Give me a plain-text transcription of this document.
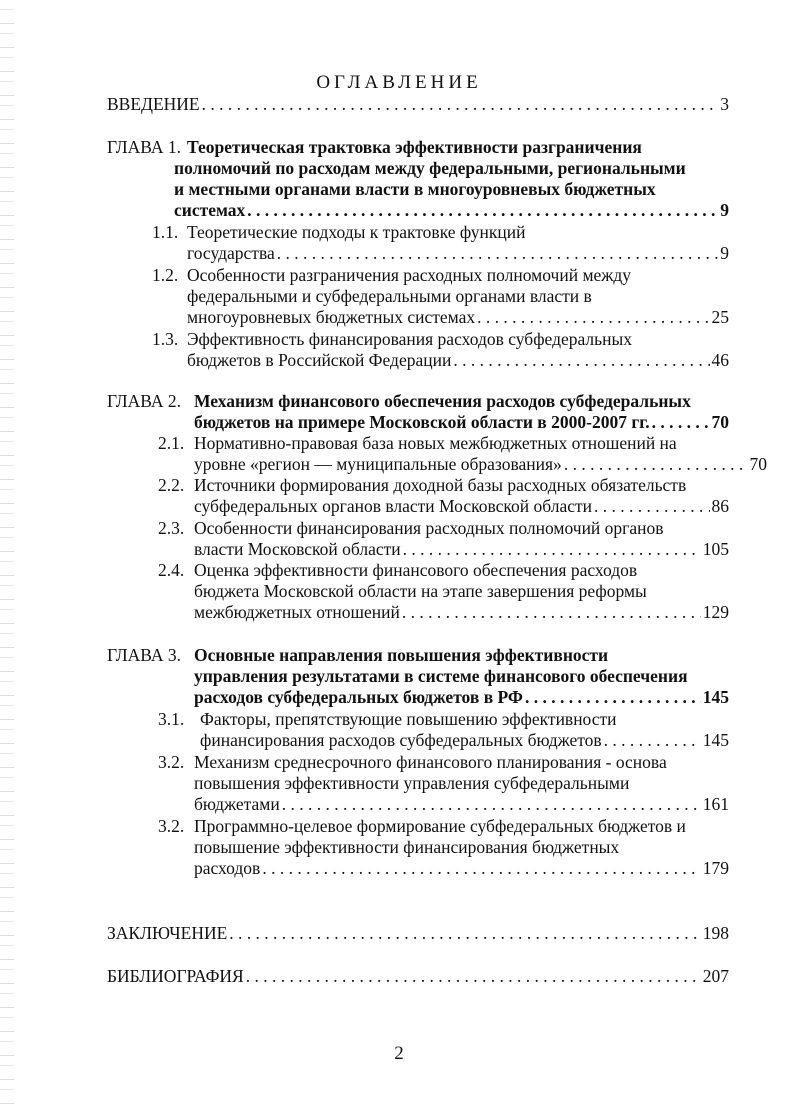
ОГЛАВЛЕНИЕ
ВВЕДЕНИЕ . . .	3
ГЛАВА 1. Теоретическая трактовка эффективности разграничения
полномочий по расходам между федеральными, региональными
и местными органами власти в многоуровневых бюджетных
системах . . .	9
1.1. Теоретические подходы к трактовке функций
государства . . .	9
1.2. Особенности разграничения расходных полномочий между
федеральными и субфедеральными органами власти в
многоуровневых бюджетных системах . . .	25
1.3. Эффективность финансирования расходов субфедеральных
бюджетов в Российской Федерации . . .	46
ГЛАВА 2. Механизм финансового обеспечения расходов субфедеральных
бюджетов на примере Московской области в 2000-2007 гг. . . .	70
2.1. Нормативно-правовая база новых межбюджетных отношений на
уровне «регион — муниципальные образования» . . .	70
2.2. Источники формирования доходной базы расходных обязательств
субфедеральных органов власти Московской области . . .	86
2.3. Особенности финансирования расходных полномочий органов
власти Московской области . . .	105
2.4. Оценка эффективности финансового обеспечения расходов
бюджета Московской области на этапе завершения реформы
межбюджетных отношений . . .	129
ГЛАВА 3. Основные направления повышения эффективности
управления результатами в системе финансового обеспечения
расходов субфедеральных бюджетов в РФ . . .	145
3.1. Факторы, препятствующие повышению эффективности
финансирования расходов субфедеральных бюджетов . . .	145
3.2. Механизм среднесрочного финансового планирования - основа
повышения эффективности управления субфедеральными
бюджетами . . .	161
3.2. Программно-целевое формирование субфедеральных бюджетов и
повышение эффективности финансирования бюджетных
расходов . . .	179
ЗАКЛЮЧЕНИЕ . . .	198
БИБЛИОГРАФИЯ . . .	207
2
